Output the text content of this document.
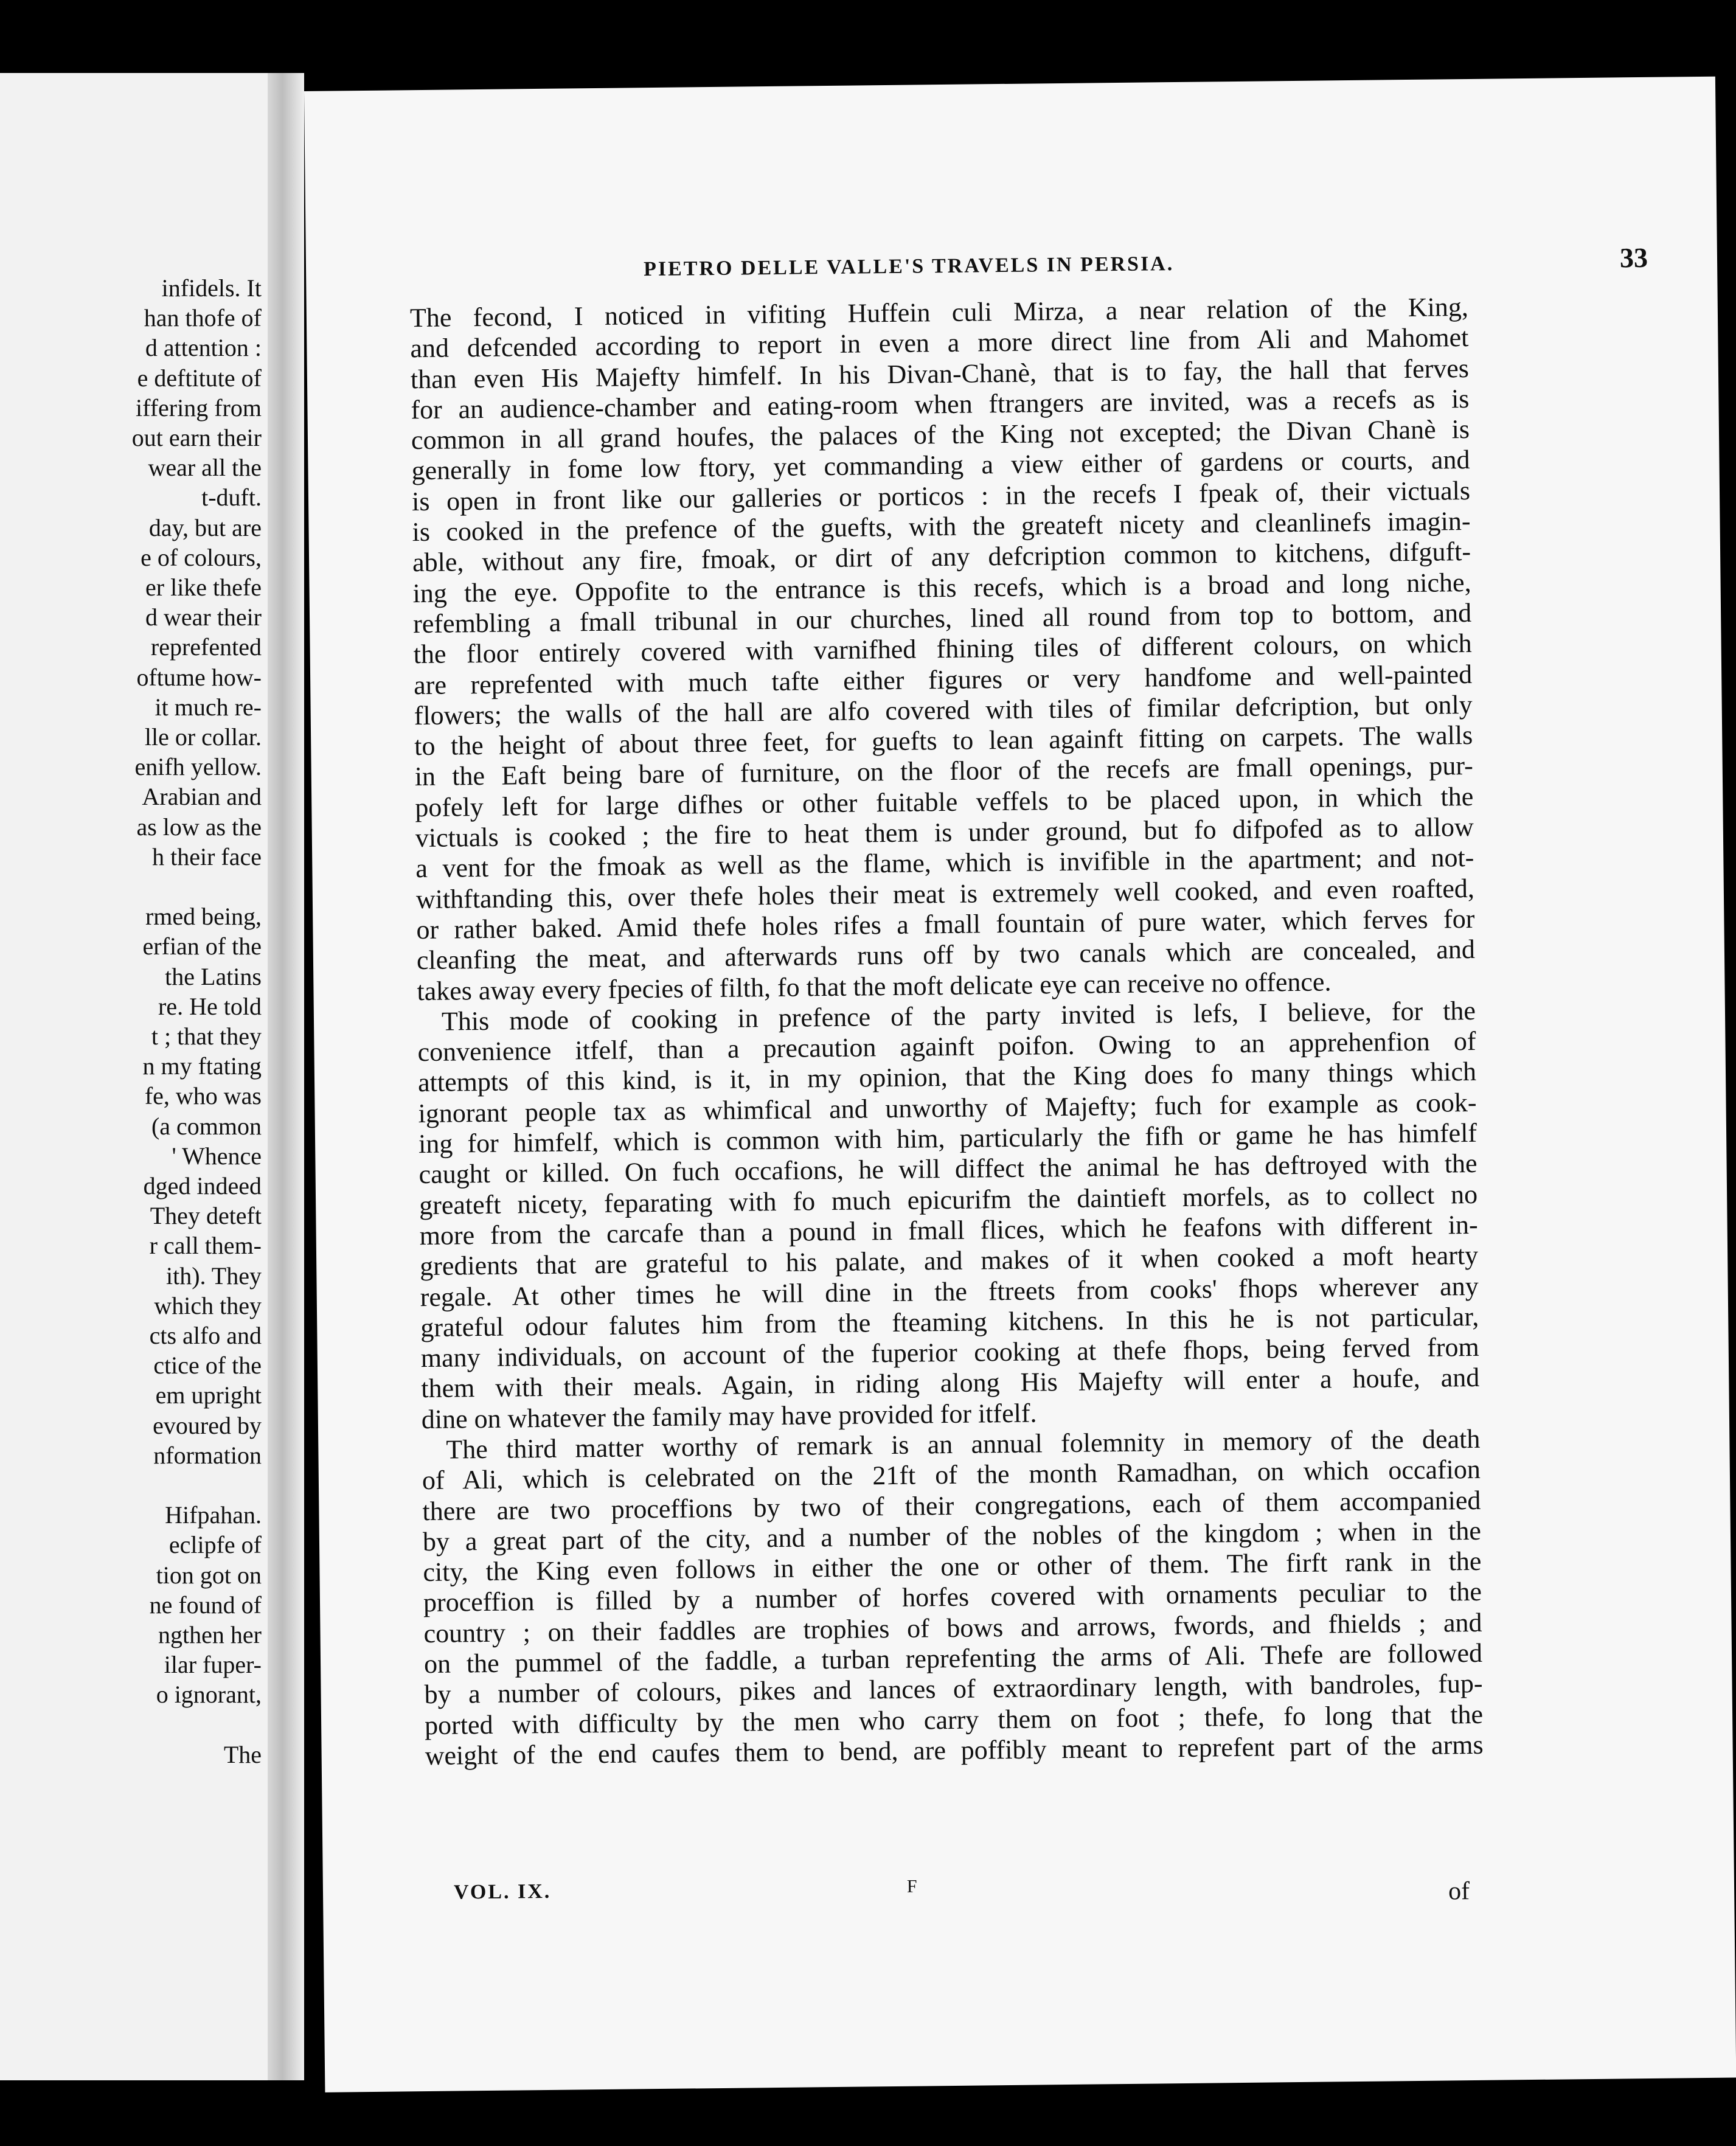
infidels. It
han thofe of
d attention :
e deftitute of
iffering from
out earn their
wear all the
t-duft.
day, but are
e of colours,
er like thefe
d wear their
reprefented
oftume how-
it much re-
lle or collar.
enifh yellow.
Arabian and
as low as the
h their face
rmed being,
erfian of the
the Latins
re. He told
t ; that they
n my ftating
fe, who was
(a common
' Whence
dged indeed
They deteft
r call them-
ith). They
which they
cts alfo and
ctice of the
em upright
evoured by
nformation
Hifpahan.
eclipfe of
tion got on
ne found of
ngthen her
ilar fuper-
o ignorant,
The
PIETRO DELLE VALLE'S TRAVELS IN PERSIA.	33
The fecond, I noticed in vifiting Huffein culi Mirza, a near relation of the King,
and defcended according to report in even a more direct line from Ali and Mahomet
than even His Majefty himfelf. In his Divan-Chanè, that is to fay, the hall that ferves
for an audience-chamber and eating-room when ftrangers are invited, was a recefs as is
common in all grand houfes, the palaces of the King not excepted; the Divan Chanè is
generally in fome low ftory, yet commanding a view either of gardens or courts, and
is open in front like our galleries or porticos : in the recefs I fpeak of, their victuals
is cooked in the prefence of the guefts, with the greateft nicety and cleanlinefs imagin-
able, without any fire, fmoak, or dirt of any defcription common to kitchens, difguft-
ing the eye. Oppofite to the entrance is this recefs, which is a broad and long niche,
refembling a fmall tribunal in our churches, lined all round from top to bottom, and
the floor entirely covered with varnifhed fhining tiles of different colours, on which
are reprefented with much tafte either figures or very handfome and well-painted
flowers; the walls of the hall are alfo covered with tiles of fimilar defcription, but only
to the height of about three feet, for guefts to lean againft fitting on carpets. The walls
in the Eaft being bare of furniture, on the floor of the recefs are fmall openings, pur-
pofely left for large difhes or other fuitable veffels to be placed upon, in which the
victuals is cooked ; the fire to heat them is under ground, but fo difpofed as to allow
a vent for the fmoak as well as the flame, which is invifible in the apartment; and not-
withftanding this, over thefe holes their meat is extremely well cooked, and even roafted,
or rather baked. Amid thefe holes rifes a fmall fountain of pure water, which ferves for
cleanfing the meat, and afterwards runs off by two canals which are concealed, and
takes away every fpecies of filth, fo that the moft delicate eye can receive no offence.
This mode of cooking in prefence of the party invited is lefs, I believe, for the
convenience itfelf, than a precaution againft poifon. Owing to an apprehenfion of
attempts of this kind, is it, in my opinion, that the King does fo many things which
ignorant people tax as whimfical and unworthy of Majefty; fuch for example as cook-
ing for himfelf, which is common with him, particularly the fifh or game he has himfelf
caught or killed. On fuch occafions, he will diffect the animal he has deftroyed with the
greateft nicety, feparating with fo much epicurifm the daintieft morfels, as to collect no
more from the carcafe than a pound in fmall flices, which he feafons with different in-
gredients that are grateful to his palate, and makes of it when cooked a moft hearty
regale. At other times he will dine in the ftreets from cooks' fhops wherever any
grateful odour falutes him from the fteaming kitchens. In this he is not particular,
many individuals, on account of the fuperior cooking at thefe fhops, being ferved from
them with their meals. Again, in riding along His Majefty will enter a houfe, and
dine on whatever the family may have provided for itfelf.
The third matter worthy of remark is an annual folemnity in memory of the death
of Ali, which is celebrated on the 21ft of the month Ramadhan, on which occafion
there are two proceffions by two of their congregations, each of them accompanied
by a great part of the city, and a number of the nobles of the kingdom ; when in the
city, the King even follows in either the one or other of them. The firft rank in the
proceffion is filled by a number of horfes covered with ornaments peculiar to the
country ; on their faddles are trophies of bows and arrows, fwords, and fhields ; and
on the pummel of the faddle, a turban reprefenting the arms of Ali. Thefe are followed
by a number of colours, pikes and lances of extraordinary length, with bandroles, fup-
ported with difficulty by the men who carry them on foot ; thefe, fo long that the
weight of the end caufes them to bend, are poffibly meant to reprefent part of the arms
VOL. IX.	F	of
